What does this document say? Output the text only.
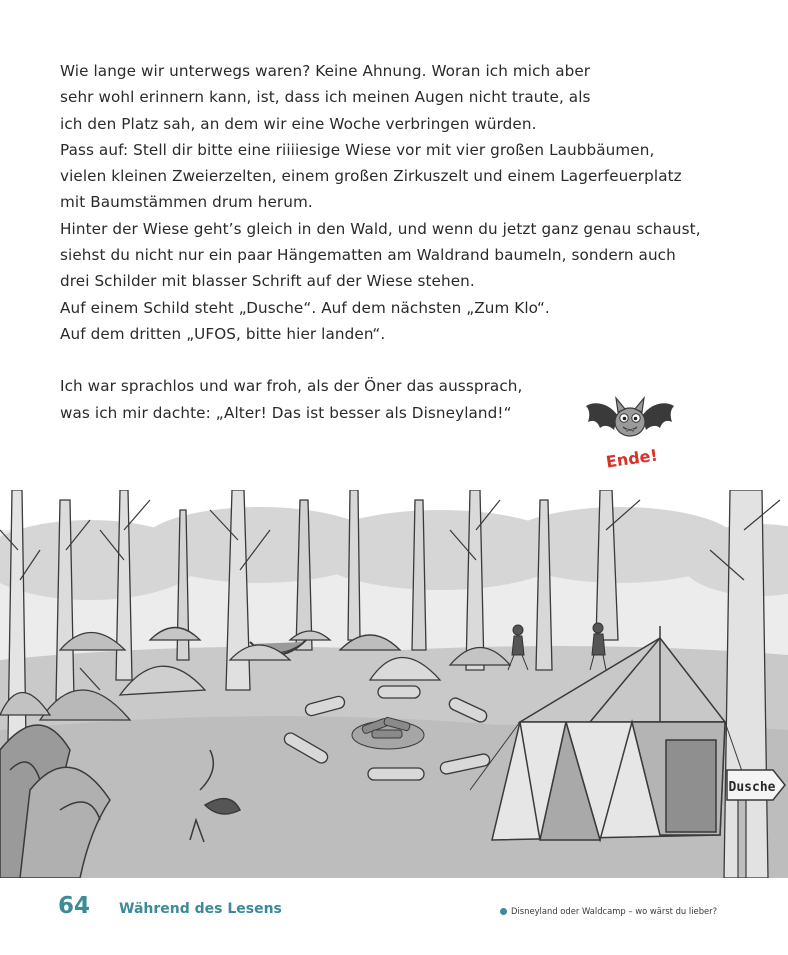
Wie lange wir unterwegs waren? Keine Ahnung. Woran ich mich aber
sehr wohl erinnern kann, ist, dass ich meinen Augen nicht traute, als
ich den Platz sah, an dem wir eine Woche verbringen würden.
Pass auf: Stell dir bitte eine riiiiesige Wiese vor mit vier großen Laubbäumen,
vielen kleinen Zweierzelten, einem großen Zirkuszelt und einem Lagerfeuerplatz
mit Baumstämmen drum herum.
Hinter der Wiese geht’s gleich in den Wald, und wenn du jetzt ganz genau schaust,
siehst du nicht nur ein paar Hängematten am Waldrand baumeln, sondern auch
drei Schilder mit blasser Schrift auf der Wiese stehen.
Auf einem Schild steht „Dusche“. Auf dem nächsten „Zum Klo“.
Auf dem dritten „UFOS, bitte hier landen“.
Ich war sprachlos und war froh, als der Öner das aussprach,
was ich mir dachte: „Alter! Das ist besser als Disneyland!“
Ende!
Dusche
64 Während des Lesens	Disneyland oder Waldcamp – wo wärst du lieber?
